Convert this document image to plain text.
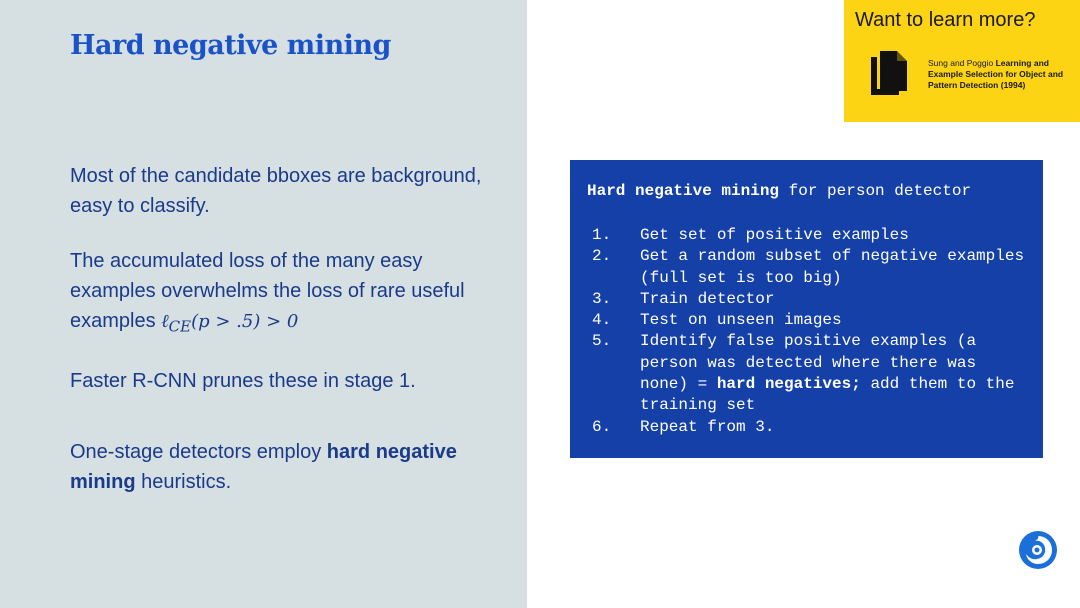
Hard negative mining

Most of the candidate bboxes are background, easy to classify.

The accumulated loss of the many easy examples overwhelms the loss of rare useful examples ℓ$_{CE}$(p > .5) > 0

Faster R-CNN prunes these in stage 1.

One-stage detectors employ hard negative mining heuristics.

Want to learn more?
Sung and Poggio Learning and Example Selection for Object and Pattern Detection (1994)
Hard negative mining for person detector
1.	Get set of positive examples
2.	Get a random subset of negative examples (full set is too big)
3.	Train detector
4.	Test on unseen images
5.	Identify false positive examples (a person was detected where there was none) = hard negatives; add them to the training set
6.	Repeat from 3.
